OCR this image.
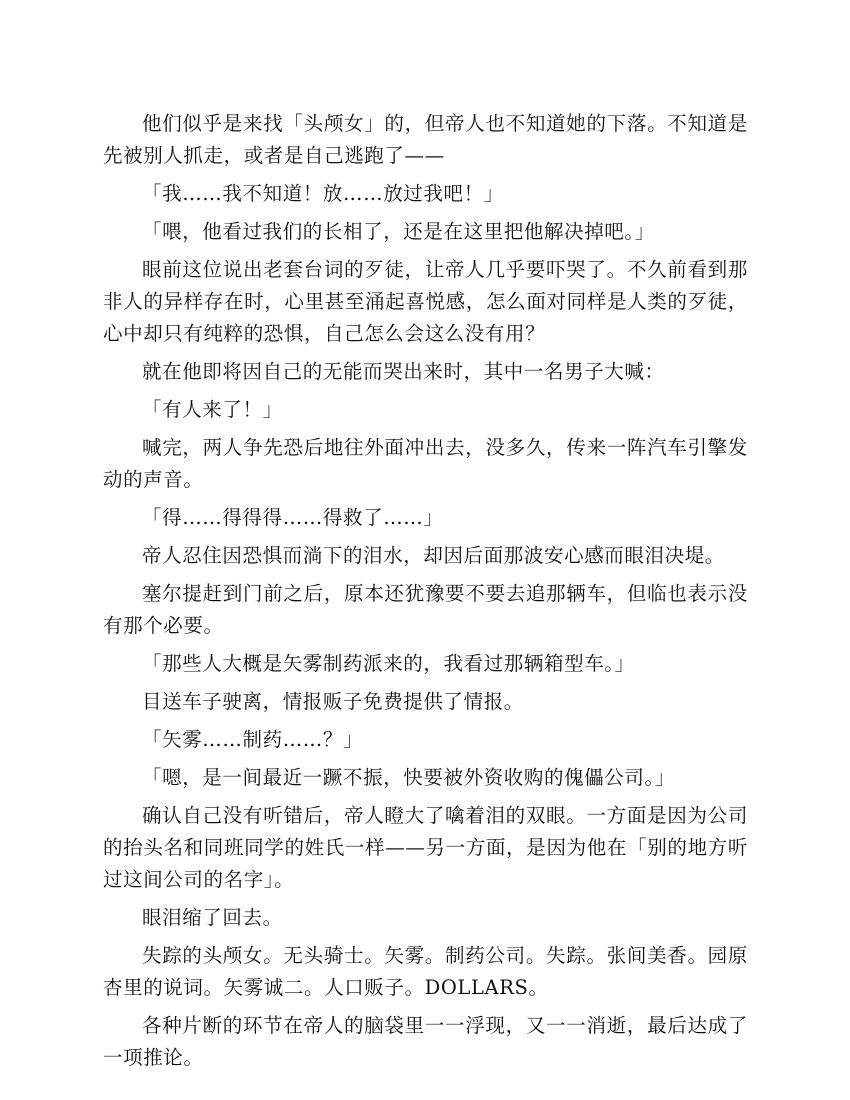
他们似乎是来找「头颅女」的，但帝人也不知道她的下落。不知道是先被别人抓走，或者是自己逃跑了——

「我……我不知道！放……放过我吧！」

「喂，他看过我们的长相了，还是在这里把他解决掉吧。」

眼前这位说出老套台词的歹徒，让帝人几乎要吓哭了。不久前看到那非人的异样存在时，心里甚至涌起喜悦感，怎么面对同样是人类的歹徒，心中却只有纯粹的恐惧，自己怎么会这么没有用？

就在他即将因自己的无能而哭出来时，其中一名男子大喊：

「有人来了！」

喊完，两人争先恐后地往外面冲出去，没多久，传来一阵汽车引擎发动的声音。

「得……得得得……得救了……」

帝人忍住因恐惧而淌下的泪水，却因后面那波安心感而眼泪决堤。

塞尔提赶到门前之后，原本还犹豫要不要去追那辆车，但临也表示没有那个必要。

「那些人大概是矢雾制药派来的，我看过那辆箱型车。」

目送车子驶离，情报贩子免费提供了情报。

「矢雾……制药……？」

「嗯，是一间最近一蹶不振，快要被外资收购的傀儡公司。」

确认自己没有听错后，帝人瞪大了噙着泪的双眼。一方面是因为公司的抬头名和同班同学的姓氏一样——另一方面，是因为他在「别的地方听过这间公司的名字」。

眼泪缩了回去。

失踪的头颅女。无头骑士。矢雾。制药公司。失踪。张间美香。园原杏里的说词。矢雾诚二。人口贩子。DOLLARS。

各种片断的环节在帝人的脑袋里一一浮现，又一一消逝，最后达成了一项推论。
